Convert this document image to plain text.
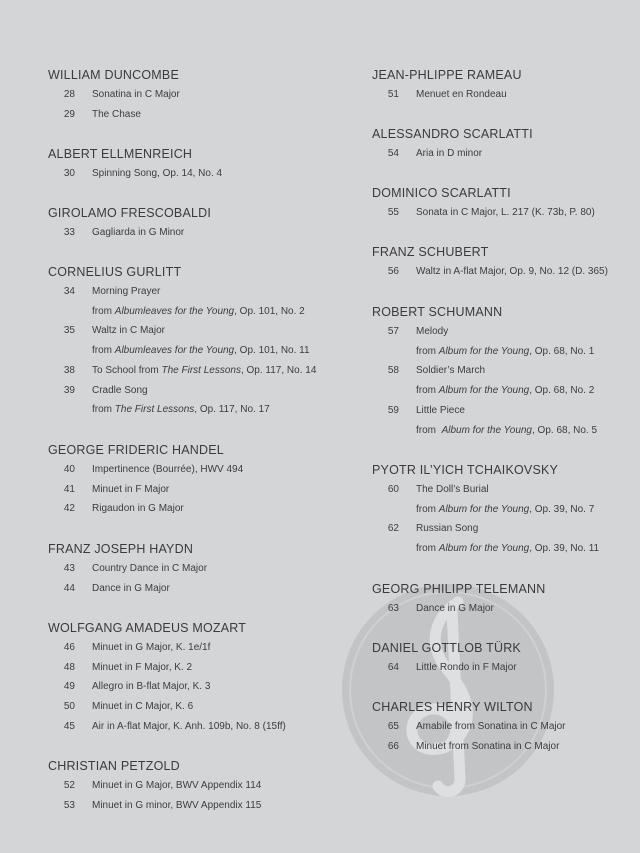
WILLIAM DUNCOMBE
28 Sonatina in C Major
29 The Chase
ALBERT ELLMENREICH
30 Spinning Song, Op. 14, No. 4
GIROLAMO FRESCOBALDI
33 Gagliarda in G Minor
CORNELIUS GURLITT
34 Morning Prayer
from Albumleaves for the Young, Op. 101, No. 2
35 Waltz in C Major
from Albumleaves for the Young, Op. 101, No. 11
38 To School from The First Lessons, Op. 117, No. 14
39 Cradle Song
from The First Lessons, Op. 117, No. 17
GEORGE FRIDERIC HANDEL
40 Impertinence (Bourrée), HWV 494
41 Minuet in F Major
42 Rigaudon in G Major
FRANZ JOSEPH HAYDN
43 Country Dance in C Major
44 Dance in G Major
WOLFGANG AMADEUS MOZART
46 Minuet in G Major, K. 1e/1f
48 Minuet in F Major, K. 2
49 Allegro in B-flat Major, K. 3
50 Minuet in C Major, K. 6
45 Air in A-flat Major, K. Anh. 109b, No. 8 (15ff)
CHRISTIAN PETZOLD
52 Minuet in G Major, BWV Appendix 114
53 Minuet in G minor, BWV Appendix 115
JEAN-PHLIPPE RAMEAU
51 Menuet en Rondeau
ALESSANDRO SCARLATTI
54 Aria in D minor
DOMINICO SCARLATTI
55 Sonata in C Major, L. 217 (K. 73b, P. 80)
FRANZ SCHUBERT
56 Waltz in A-flat Major, Op. 9, No. 12 (D. 365)
ROBERT SCHUMANN
57 Melody
from Album for the Young, Op. 68, No. 1
58 Soldier’s March
from Album for the Young, Op. 68, No. 2
59 Little Piece
from  Album for the Young, Op. 68, No. 5
PYOTR IL’YICH TCHAIKOVSKY
60 The Doll’s Burial
from Album for the Young, Op. 39, No. 7
62 Russian Song
from Album for the Young, Op. 39, No. 11
GEORG PHILIPP TELEMANN
63 Dance in G Major
DANIEL GOTTLOB TÜRK
64 Little Rondo in F Major
CHARLES HENRY WILTON
65 Amabile from Sonatina in C Major
66 Minuet from Sonatina in C Major
